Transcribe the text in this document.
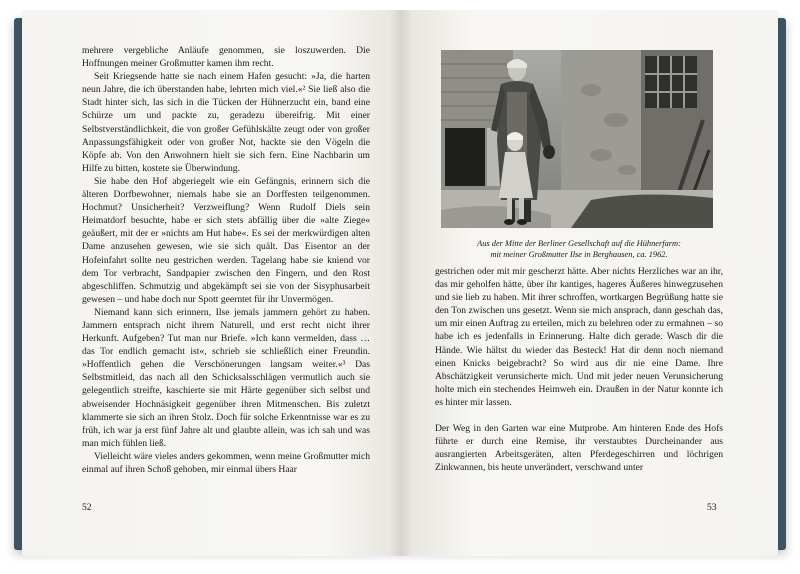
mehrere vergebliche Anläufe genommen, sie loszuwerden. Die Hoffnungen meiner Großmutter kamen ihm recht.

Seit Kriegsende hatte sie nach einem Hafen gesucht: »Ja, die harten neun Jahre, die ich überstanden habe, lehrten mich viel.«² Sie ließ also die Stadt hinter sich, las sich in die Tücken der Hühnerzucht ein, band eine Schürze um und packte zu, geradezu übereifrig. Mit einer Selbstverständlichkeit, die von großer Gefühlskälte zeugt oder von großer Anpassungsfähigkeit oder von großer Not, hackte sie den Vögeln die Köpfe ab. Von den Anwohnern hielt sie sich fern. Eine Nachbarin um Hilfe zu bitten, kostete sie Überwindung.

Sie habe den Hof abgeriegelt wie ein Gefängnis, erinnern sich die älteren Dorfbewohner, niemals habe sie an Dorffesten teilgenommen. Hochmut? Unsicherheit? Verzweiflung? Wenn Rudolf Diels sein Heimatdorf besuchte, habe er sich stets abfällig über die »alte Ziege« geäußert, mit der er »nichts am Hut habe«. Es sei der merkwürdigen alten Dame anzusehen gewesen, wie sie sich quält. Das Eisentor an der Hofeinfahrt sollte neu gestrichen werden. Tagelang habe sie kniend vor dem Tor verbracht, Sandpapier zwischen den Fingern, und den Rost abgeschliffen. Schmutzig und abgekämpft sei sie von der Sisyphusarbeit gewesen – und habe doch nur Spott geerntet für ihr Unvermögen.

Niemand kann sich erinnern, Ilse jemals jammern gehört zu haben. Jammern entsprach nicht ihrem Naturell, und erst recht nicht ihrer Herkunft. Aufgeben? Tut man nur Briefe. »Ich kann vermelden, dass … das Tor endlich gemacht ist«, schrieb sie schließlich einer Freundin. »Hoffentlich gehen die Verschönerungen langsam weiter.«³ Das Selbstmitleid, das nach all den Schicksalsschlägen vermutlich auch sie gelegentlich streifte, kaschierte sie mit Härte gegenüber sich selbst und abweisender Hochnäsigkeit gegenüber ihren Mitmenschen. Bis zuletzt klammerte sie sich an ihren Stolz. Doch für solche Erkenntnisse war es zu früh, ich war ja erst fünf Jahre alt und glaubte allein, was ich sah und was man mich fühlen ließ.

Vielleicht wäre vieles anders gekommen, wenn meine Großmutter mich einmal auf ihren Schoß gehoben, mir einmal übers Haar

52
Aus der Mitte der Berliner Gesellschaft auf die Hühnerfarm:
mit meiner Großmutter Ilse in Berghausen, ca. 1962.

gestrichen oder mit mir gescherzt hätte. Aber nichts Herzliches war an ihr, das mir geholfen hätte, über ihr kantiges, hageres Äußeres hinwegzusehen und sie lieb zu haben. Mit ihrer schroffen, wortkargen Begrüßung hatte sie den Ton zwischen uns gesetzt. Wenn sie mich ansprach, dann geschah das, um mir einen Auftrag zu erteilen, mich zu belehren oder zu ermahnen – so habe ich es jedenfalls in Erinnerung. Halte dich gerade. Wasch dir die Hände. Wie hältst du wieder das Besteck! Hat dir denn noch niemand einen Knicks beigebracht? So wird aus dir nie eine Dame. Ihre Abschätzigkeit verunsicherte mich. Und mit jeder neuen Verunsicherung holte mich ein stechendes Heimweh ein. Draußen in der Natur konnte ich es hinter mir lassen.

Der Weg in den Garten war eine Mutprobe. Am hinteren Ende des Hofs führte er durch eine Remise, ihr verstaubtes Durcheinander aus ausrangierten Arbeitsgeräten, alten Pferdegeschirren und löchrigen Zinkwannen, bis heute unverändert, verschwand unter

53
